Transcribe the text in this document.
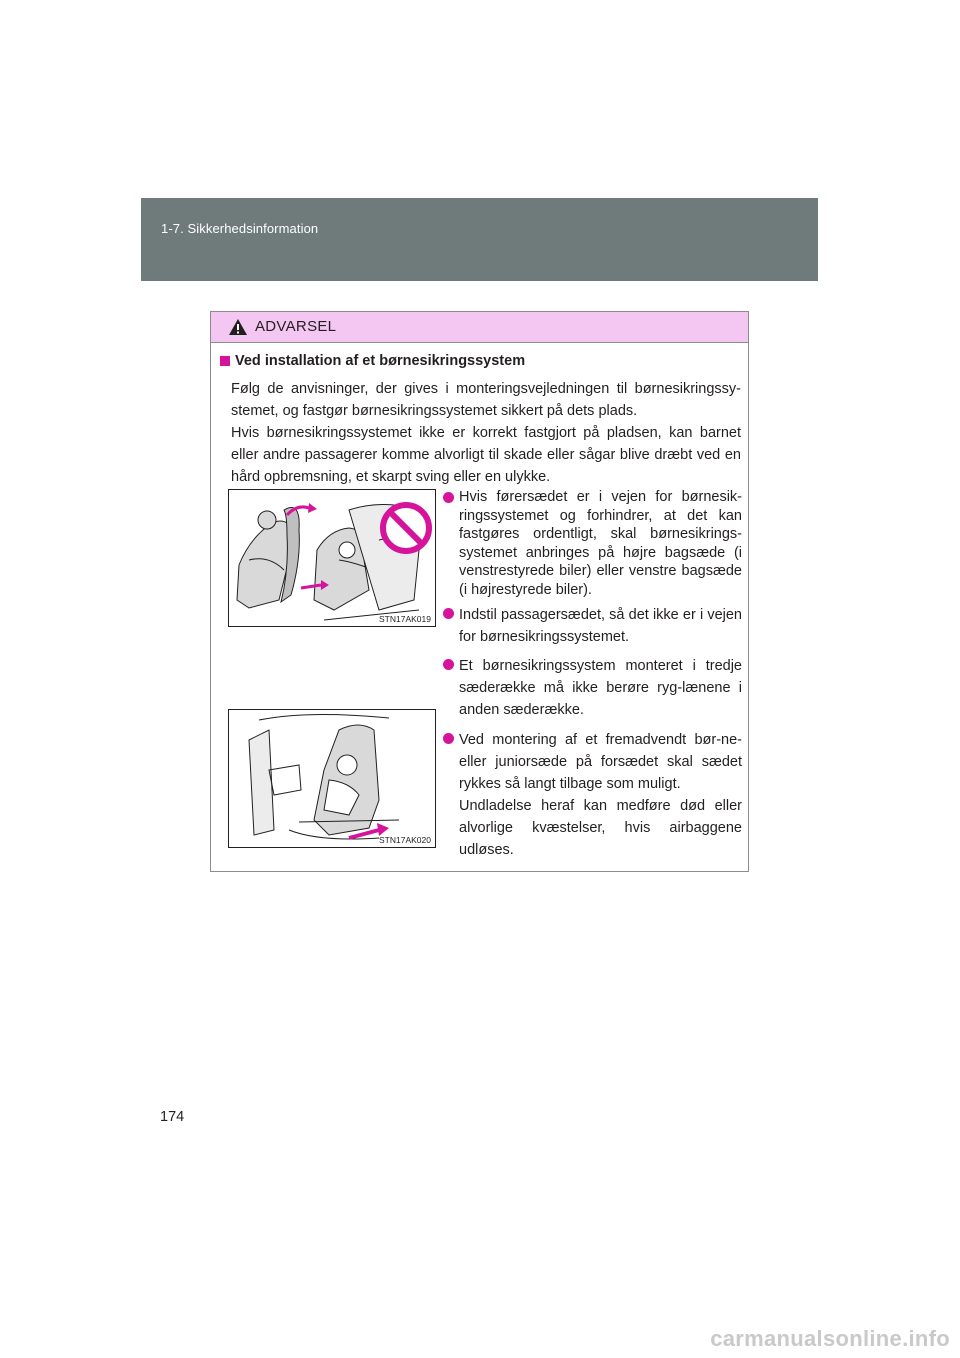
1-7. Sikkerhedsinformation
ADVARSEL
Ved installation af et børnesikringssystem

Følg de anvisninger, der gives i monteringsvejledningen til børnesikringssy-stemet, og fastgør børnesikringssystemet sikkert på dets plads.

Hvis børnesikringssystemet ikke er korrekt fastgjort på pladsen, kan barnet eller andre passagerer komme alvorligt til skade eller sågar blive dræbt ved en hård opbremsning, et skarpt sving eller en ulykke.

STN17AK019
STN17AK020

Hvis førersædet er i vejen for børnesik-ringssystemet og forhindrer, at det kan fastgøres ordentligt, skal børnesikrings-systemet anbringes på højre bagsæde (i venstrestyrede biler) eller venstre bagsæde (i højrestyrede biler).

Indstil passagersædet, så det ikke er i vejen for børnesikringssystemet.

Et børnesikringssystem monteret i tredje sæderække må ikke berøre ryg-lænene i anden sæderække.

Ved montering af et fremadvendt bør-ne- eller juniorsæde på forsædet skal sædet rykkes så langt tilbage som muligt.

Undladelse heraf kan medføre død eller alvorlige kvæstelser, hvis airbaggene udløses.

174
carmanualsonline.info
